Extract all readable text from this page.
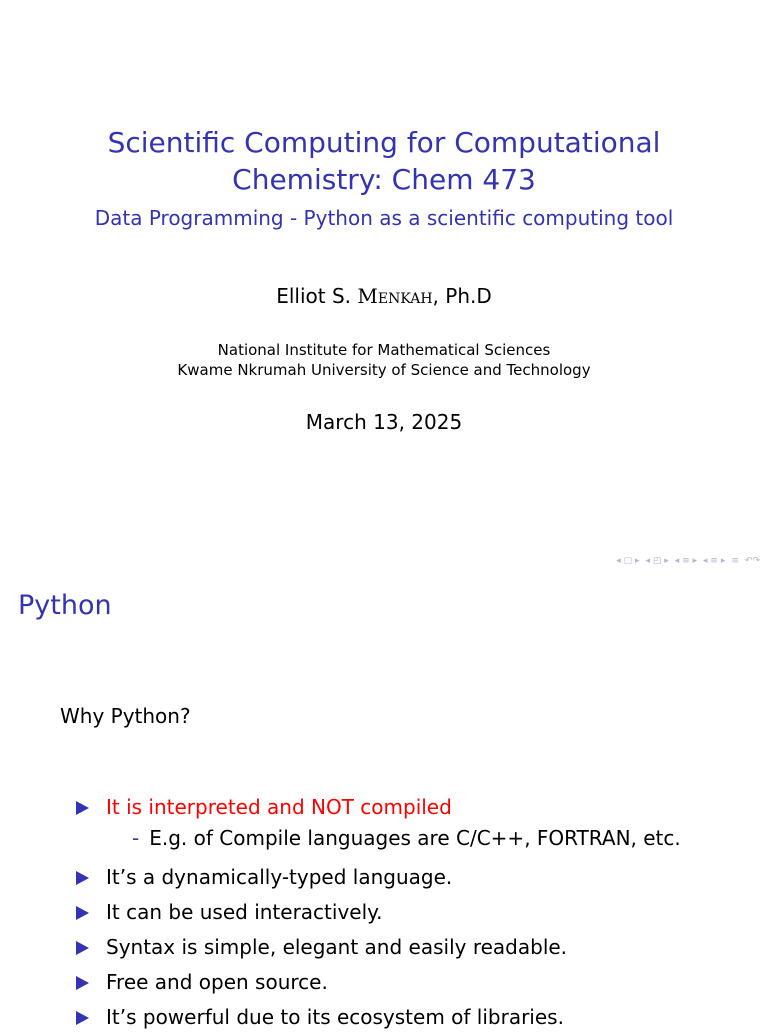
Scientific Computing for Computational
Chemistry: Chem 473
Data Programming - Python as a scientific computing tool
Elliot S. Menkah, Ph.D
National Institute for Mathematical Sciences
Kwame Nkrumah University of Science and Technology
March 13, 2025
◂ ▢ ▸ ◂ ◰ ▸ ◂ ≡ ▸ ◂ ≡ ▸ ≡ ↶↷
Python
Why Python?
It is interpreted and NOT compiled
- E.g. of Compile languages are C/C++, FORTRAN, etc.
It’s a dynamically-typed language.
It can be used interactively.
Syntax is simple, elegant and easily readable.
Free and open source.
It’s powerful due to its ecosystem of libraries.
